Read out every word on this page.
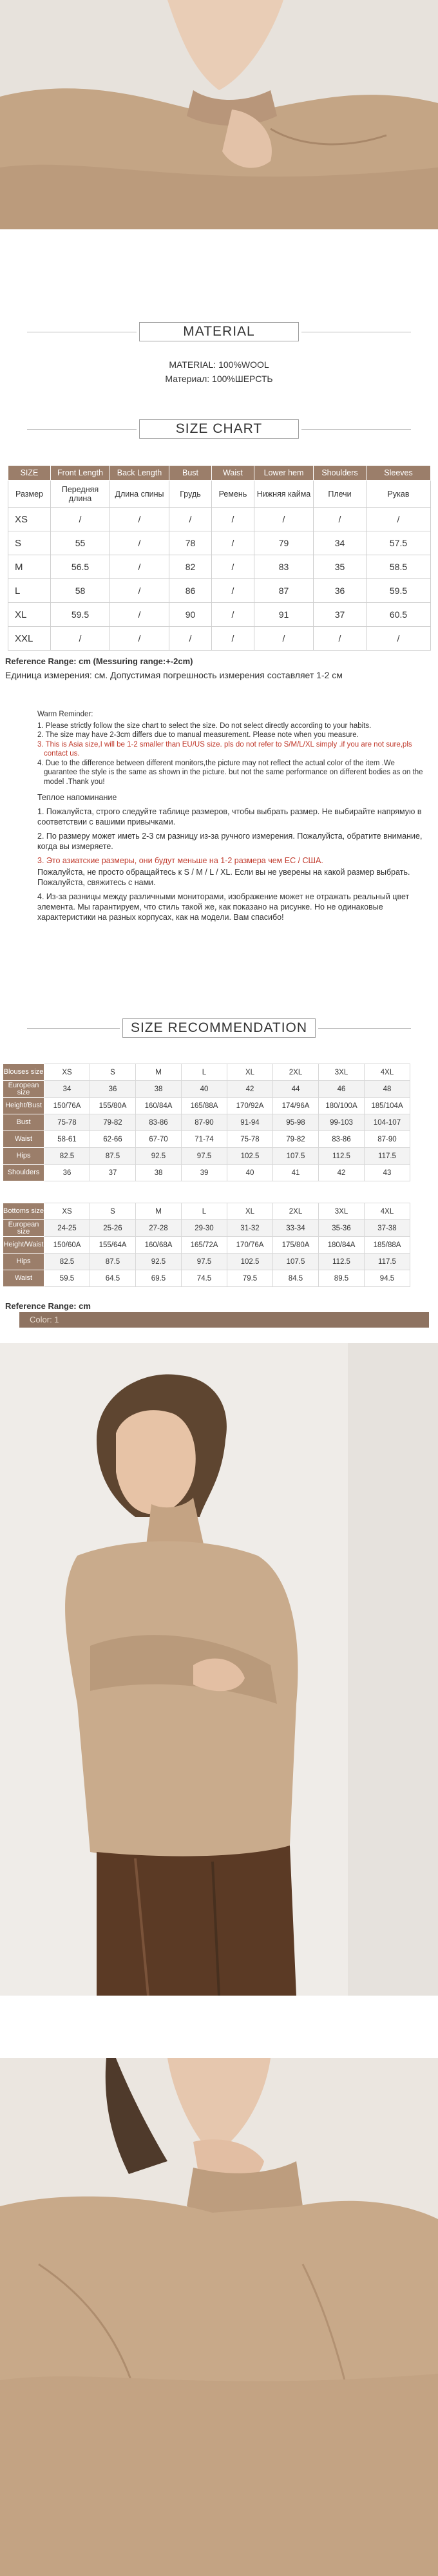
MATERIAL
MATERIAL: 100%WOOL
Материал: 100%ШЕРСТЬ
SIZE CHART
SIZE	Front Length	Back Length	Bust	Waist	Lower hem	Shoulders	Sleeves
Размер	Передняя длина	Длина спины	Грудь	Ремень	Нижняя кайма	Плечи	Рукав
XS	/	/	/	/	/	/	/
S	55	/	78	/	79	34	57.5
M	56.5	/	82	/	83	35	58.5
L	58	/	86	/	87	36	59.5
XL	59.5	/	90	/	91	37	60.5
XXL	/	/	/	/	/	/	/
Reference Range: cm (Messuring range:+-2cm)
Единица измерения: см. Допустимая погрешность измерения составляет 1-2 см
Warm Reminder:
1. Please strictly follow the size chart to select the size. Do not select directly according to your habits.
2. The size may have 2-3cm differs due to manual measurement. Please note when you measure.
3. This is Asia size,I will be 1-2 smaller than EU/US size. pls do not refer to S/M/L/XL simply .if you are not sure,pls contact us.
4. Due to the difference between different monitors,the picture may not reflect the actual color of the item .We guarantee the style is the same as shown in the picture. but not the same performance on different bodies as on the model .Thank you!

Теплое напоминание

1. Пожалуйста, строго следуйте таблице размеров, чтобы выбрать размер. Не выбирайте напрямую в соответствии с вашими привычками.

2. По размеру может иметь 2-3 см разницу из-за ручного измерения. Пожалуйста, обратите внимание, когда вы измеряете.

3. Это азиатские размеры, они будут меньше на 1-2 размера чем EC / США.

Пожалуйста, не просто обращайтесь к S / M / L / XL. Если вы не уверены на какой размер выбрать. Пожалуйста, свяжитесь с нами.

4. Из-за разницы между различными мониторами, изображение может не отражать реальный цвет элемента. Мы гарантируем, что стиль такой же, как показано на рисунке. Но не одинаковые характеристики на разных корпусах, как на модели. Вам спасибо!

SIZE RECOMMENDATION
Blouses size	XS	S	M	L	XL	2XL	3XL	4XL
European size	34	36	38	40	42	44	46	48
Height/Bust	150/76A	155/80A	160/84A	165/88A	170/92A	174/96A	180/100A	185/104A
Bust	75-78	79-82	83-86	87-90	91-94	95-98	99-103	104-107
Waist	58-61	62-66	67-70	71-74	75-78	79-82	83-86	87-90
Hips	82.5	87.5	92.5	97.5	102.5	107.5	112.5	117.5
Shoulders	36	37	38	39	40	41	42	43
Bottoms size	XS	S	M	L	XL	2XL	3XL	4XL
European size	24-25	25-26	27-28	29-30	31-32	33-34	35-36	37-38
Height/Waist	150/60A	155/64A	160/68A	165/72A	170/76A	175/80A	180/84A	185/88A
Hips	82.5	87.5	92.5	97.5	102.5	107.5	112.5	117.5
Waist	59.5	64.5	69.5	74.5	79.5	84.5	89.5	94.5
Reference Range: cm
Color: 1
